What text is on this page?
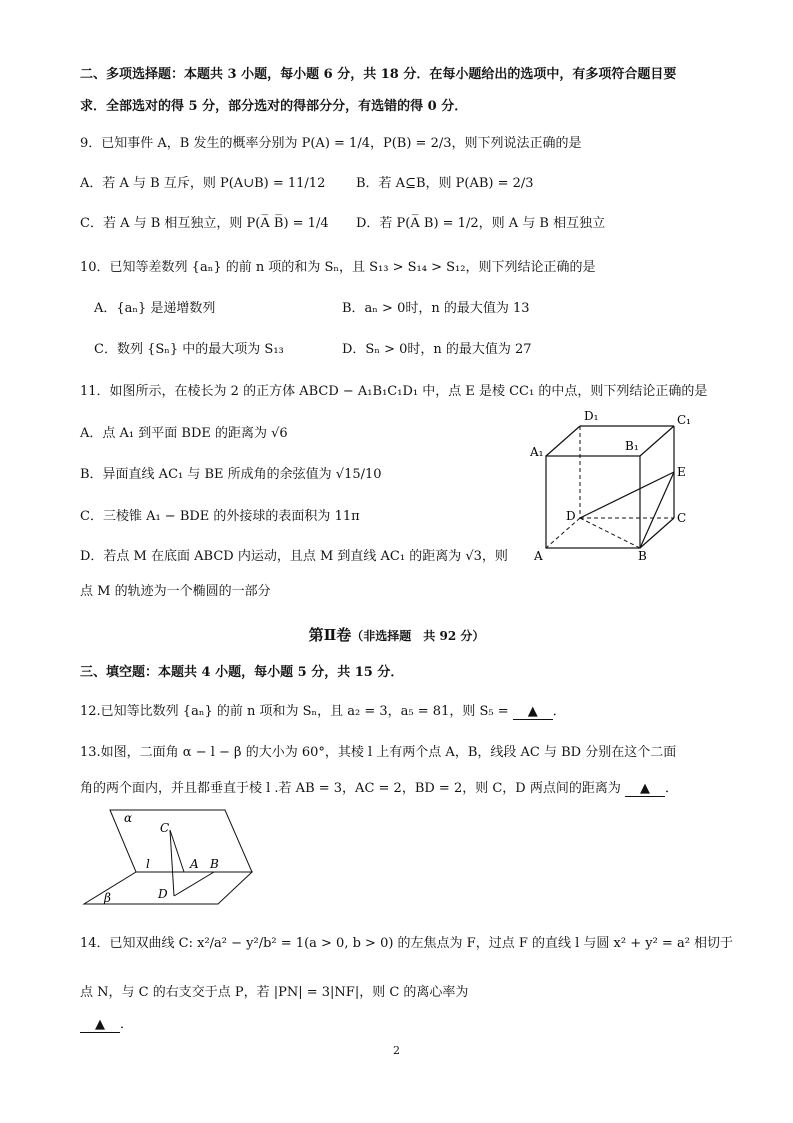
二、多项选择题：本题共 3 小题，每小题 6 分，共 18 分．在每小题给出的选项中，有多项符合题目要
求．全部选对的得 5 分，部分选对的得部分分，有选错的得 0 分．
9．已知事件 A，B 发生的概率分别为 P(A) = 1/4，P(B) = 2/3，则下列说法正确的是
A．若 A 与 B 互斥，则 P(A∪B) = 11/12 B．若 A⊆B，则 P(AB) = 2/3
C．若 A 与 B 相互独立，则 P(A̅ B̅) = 1/4 D．若 P(A̅ B) = 1/2，则 A 与 B 相互独立
10．已知等差数列 {aₙ} 的前 n 项的和为 Sₙ，且 S₁₃ > S₁₄ > S₁₂，则下列结论正确的是
A．{aₙ} 是递增数列	B．aₙ > 0时，n 的最大值为 13
C．数列 {Sₙ} 中的最大项为 S₁₃	D．Sₙ > 0时，n 的最大值为 27
11．如图所示，在棱长为 2 的正方体 ABCD − A₁B₁C₁D₁ 中，点 E 是棱 CC₁ 的中点，则下列结论正确的是
A．点 A₁ 到平面 BDE 的距离为 √6
B．异面直线 AC₁ 与 BE 所成角的余弦值为 √15/10
C．三棱锥 A₁ − BDE 的外接球的表面积为 11π
D．若点 M 在底面 ABCD 内运动，且点 M 到直线 AC₁ 的距离为 √3，则
点 M 的轨迹为一个椭圆的一部分
D₁	C₁
A₁	B₁
E
D	C
A	B
第Ⅱ卷（非选择题　共 92 分）
三、填空题：本题共 4 小题，每小题 5 分，共 15 分．
12.已知等比数列 {aₙ} 的前 n 项和为 Sₙ，且 a₂ = 3，a₅ = 81，则 S₅ = ▲ ．
13.如图，二面角 α − l − β 的大小为 60°，其棱 l 上有两个点 A，B，线段 AC 与 BD 分别在这个二面
角的两个面内，并且都垂直于棱 l .若 AB = 3，AC = 2，BD = 2，则 C，D 两点间的距离为 ▲ ．
α
β
l
C
A B
D
14．已知双曲线 C: x²/a² − y²/b² = 1(a > 0, b > 0) 的左焦点为 F，过点 F 的直线 l 与圆 x² + y² = a² 相切于
点 N，与 C 的右支交于点 P，若 |PN| = 3|NF|，则 C 的离心率为
▲ ．
2
